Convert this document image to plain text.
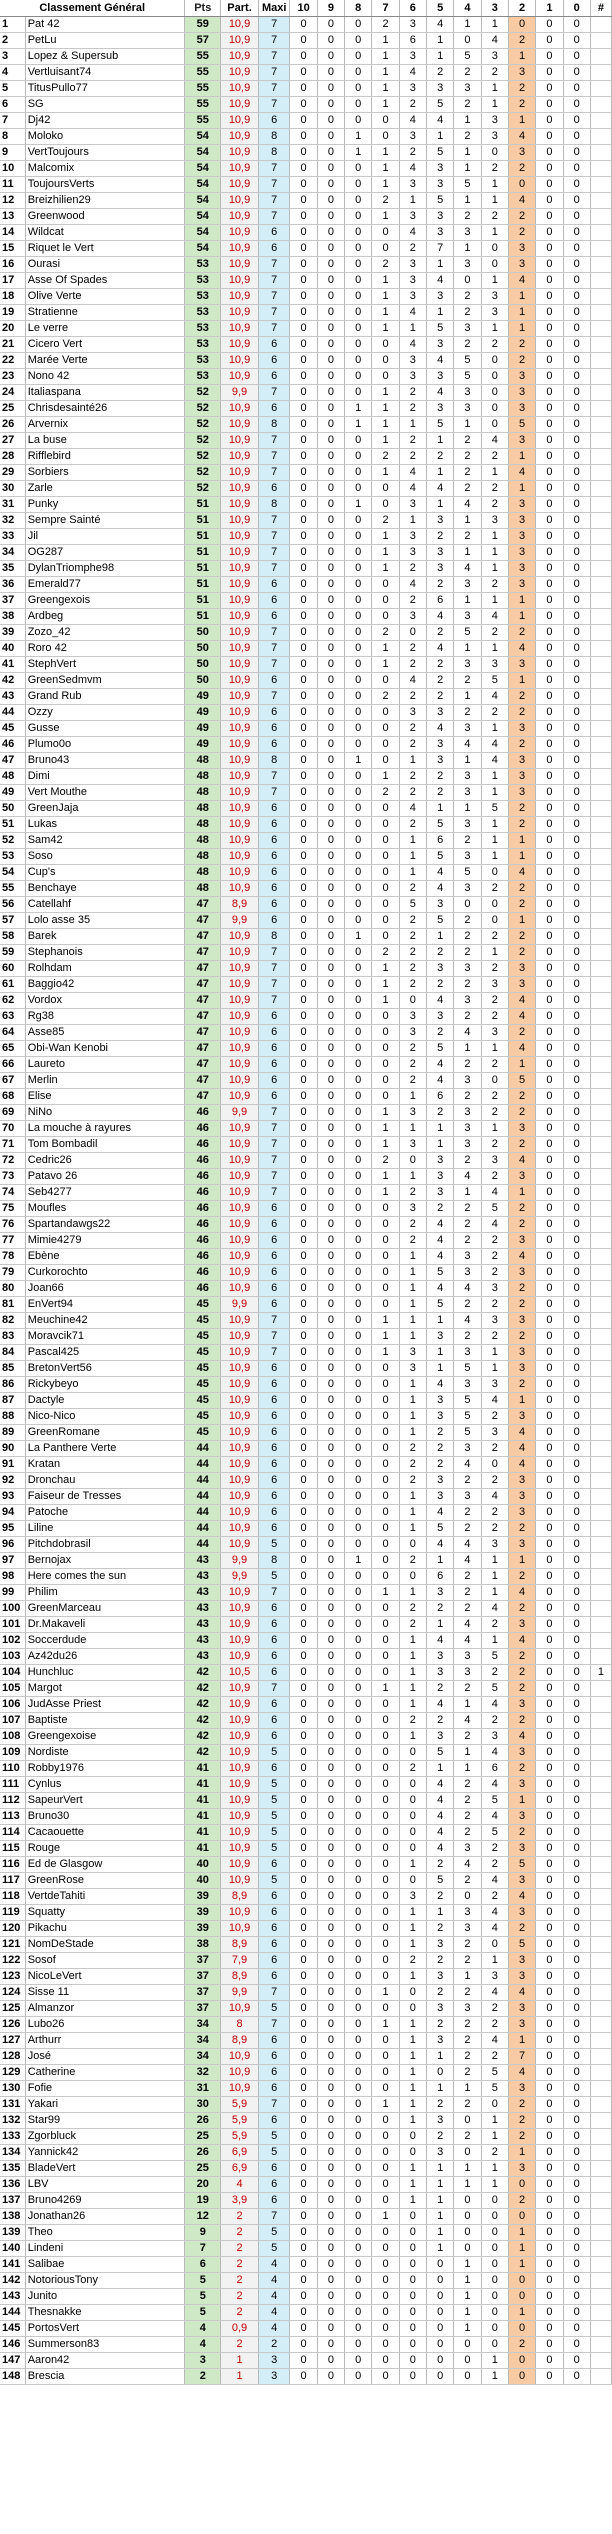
Classement Général		Pts	Part.	Maxi	10	9	8	7	6	5	4	3	2	1	0	#
1	Pat 42	59	10,9	7	0	0	0	2	3	4	1	1	0	0	0	
2	PetLu	57	10,9	7	0	0	0	1	6	1	0	4	2	0	0	
3	Lopez & Supersub	55	10,9	7	0	0	0	1	3	1	5	3	1	0	0	
4	Vertluisant74	55	10,9	7	0	0	0	1	4	2	2	2	3	0	0	
5	TitusPullo77	55	10,9	7	0	0	0	1	3	3	3	1	2	0	0	
6	SG	55	10,9	7	0	0	0	1	2	5	2	1	2	0	0	
7	Dj42	55	10,9	6	0	0	0	0	4	4	1	3	1	0	0	
8	Moloko	54	10,9	8	0	0	1	0	3	1	2	3	4	0	0	
9	VertToujours	54	10,9	8	0	0	1	1	2	5	1	0	3	0	0	
10	Malcomix	54	10,9	7	0	0	0	1	4	3	1	2	2	0	0	
11	ToujoursVerts	54	10,9	7	0	0	0	1	3	3	5	1	0	0	0	
12	Breizhilien29	54	10,9	7	0	0	0	2	1	5	1	1	4	0	0	
13	Greenwood	54	10,9	7	0	0	0	1	3	3	2	2	2	0	0	
14	Wildcat	54	10,9	6	0	0	0	0	4	3	3	1	2	0	0	
15	Riquet le Vert	54	10,9	6	0	0	0	0	2	7	1	0	3	0	0	
16	Ourasi	53	10,9	7	0	0	0	2	3	1	3	0	3	0	0	
17	Asse Of Spades	53	10,9	7	0	0	0	1	3	4	0	1	4	0	0	
18	Olive Verte	53	10,9	7	0	0	0	1	3	3	2	3	1	0	0	
19	Stratienne	53	10,9	7	0	0	0	1	4	1	2	3	1	0	0	
20	Le verre	53	10,9	7	0	0	0	1	1	5	3	1	1	0	0	
21	Cicero Vert	53	10,9	6	0	0	0	0	4	3	2	2	2	0	0	
22	Marée Verte	53	10,9	6	0	0	0	0	3	4	5	0	2	0	0	
23	Nono 42	53	10,9	6	0	0	0	0	3	3	5	0	3	0	0	
24	Italiaspana	52	9,9	7	0	0	0	1	2	4	3	0	3	0	0	
25	Chrisdesainté26	52	10,9	6	0	0	1	1	2	3	3	0	3	0	0	
26	Arvernix	52	10,9	8	0	0	1	1	1	5	1	0	5	0	0	
27	La buse	52	10,9	7	0	0	0	1	2	1	2	4	3	0	0	
28	Rifflebird	52	10,9	7	0	0	0	2	2	2	2	2	1	0	0	
29	Sorbiers	52	10,9	7	0	0	0	1	4	1	2	1	4	0	0	
30	Zarle	52	10,9	6	0	0	0	0	4	4	2	2	1	0	0	
31	Punky	51	10,9	8	0	0	1	0	3	1	4	2	3	0	0	
32	Sempre Sainté	51	10,9	7	0	0	0	2	1	3	1	3	3	0	0	
33	Jil	51	10,9	7	0	0	0	1	3	2	2	1	3	0	0	
34	OG287	51	10,9	7	0	0	0	1	3	3	1	1	3	0	0	
35	DylanTriomphe98	51	10,9	7	0	0	0	1	2	3	4	1	3	0	0	
36	Emerald77	51	10,9	6	0	0	0	0	4	2	3	2	3	0	0	
37	Greengexois	51	10,9	6	0	0	0	0	2	6	1	1	1	0	0	
38	Ardbeg	51	10,9	6	0	0	0	0	3	4	3	4	1	0	0	
39	Zozo_42	50	10,9	7	0	0	0	2	0	2	5	2	2	0	0	
40	Roro 42	50	10,9	7	0	0	0	1	2	4	1	1	4	0	0	
41	StephVert	50	10,9	7	0	0	0	1	2	2	3	3	3	0	0	
42	GreenSedmvm	50	10,9	6	0	0	0	0	4	2	2	5	1	0	0	
43	Grand Rub	49	10,9	7	0	0	0	2	2	2	1	4	2	0	0	
44	Ozzy	49	10,9	6	0	0	0	0	3	3	2	2	2	0	0	
45	Gusse	49	10,9	6	0	0	0	0	2	4	3	1	3	0	0	
46	Plumo0o	49	10,9	6	0	0	0	0	2	3	4	4	2	0	0	
47	Bruno43	48	10,9	8	0	0	1	0	1	3	1	4	3	0	0	
48	Dimi	48	10,9	7	0	0	0	1	2	2	3	1	3	0	0	
49	Vert Mouthe	48	10,9	7	0	0	0	2	2	2	3	1	3	0	0	
50	GreenJaja	48	10,9	6	0	0	0	0	4	1	1	5	2	0	0	
51	Lukas	48	10,9	6	0	0	0	0	2	5	3	1	2	0	0	
52	Sam42	48	10,9	6	0	0	0	0	1	6	2	1	1	0	0	
53	Soso	48	10,9	6	0	0	0	0	1	5	3	1	1	0	0	
54	Cup's	48	10,9	6	0	0	0	0	1	4	5	0	4	0	0	
55	Benchaye	48	10,9	6	0	0	0	0	2	4	3	2	2	0	0	
56	Catellahf	47	8,9	6	0	0	0	0	5	3	0	0	2	0	0	
57	Lolo asse 35	47	9,9	6	0	0	0	0	2	5	2	0	1	0	0	
58	Barek	47	10,9	8	0	0	1	0	2	1	2	2	2	0	0	
59	Stephanois	47	10,9	7	0	0	0	2	2	2	2	1	2	0	0	
60	Rolhdam	47	10,9	7	0	0	0	1	2	3	3	2	3	0	0	
61	Baggio42	47	10,9	7	0	0	0	1	2	2	2	3	3	0	0	
62	Vordox	47	10,9	7	0	0	0	1	0	4	3	2	4	0	0	
63	Rg38	47	10,9	6	0	0	0	0	3	3	2	2	4	0	0	
64	Asse85	47	10,9	6	0	0	0	0	3	2	4	3	2	0	0	
65	Obi-Wan Kenobi	47	10,9	6	0	0	0	0	2	5	1	1	4	0	0	
66	Laureto	47	10,9	6	0	0	0	0	2	4	2	2	1	0	0	
67	Merlin	47	10,9	6	0	0	0	0	2	4	3	0	5	0	0	
68	Elise	47	10,9	6	0	0	0	0	1	6	2	2	2	0	0	
69	NiNo	46	9,9	7	0	0	0	1	3	2	3	2	2	0	0	
70	La mouche à rayures	46	10,9	7	0	0	0	1	1	1	3	1	3	0	0	
71	Tom Bombadil	46	10,9	7	0	0	0	1	3	1	3	2	2	0	0	
72	Cedric26	46	10,9	7	0	0	0	2	0	3	2	3	4	0	0	
73	Patavo 26	46	10,9	7	0	0	0	1	1	3	4	2	3	0	0	
74	Seb4277	46	10,9	7	0	0	0	1	2	3	1	4	1	0	0	
75	Moufles	46	10,9	6	0	0	0	0	3	2	2	5	2	0	0	
76	Spartandawgs22	46	10,9	6	0	0	0	0	2	4	2	4	2	0	0	
77	Mimie4279	46	10,9	6	0	0	0	0	2	4	2	2	3	0	0	
78	Ebène	46	10,9	6	0	0	0	0	1	4	3	2	4	0	0	
79	Curkorochto	46	10,9	6	0	0	0	0	1	5	3	2	3	0	0	
80	Joan66	46	10,9	6	0	0	0	0	1	4	4	3	2	0	0	
81	EnVert94	45	9,9	6	0	0	0	0	1	5	2	2	2	0	0	
82	Meuchine42	45	10,9	7	0	0	0	1	1	1	4	3	3	0	0	
83	Moravcik71	45	10,9	7	0	0	0	1	1	3	2	2	2	0	0	
84	Pascal425	45	10,9	7	0	0	0	1	3	1	3	1	3	0	0	
85	BretonVert56	45	10,9	6	0	0	0	0	3	1	5	1	3	0	0	
86	Rickybeyo	45	10,9	6	0	0	0	0	1	4	3	3	2	0	0	
87	Dactyle	45	10,9	6	0	0	0	0	1	3	5	4	1	0	0	
88	Nico-Nico	45	10,9	6	0	0	0	0	1	3	5	2	3	0	0	
89	GreenRomane	45	10,9	6	0	0	0	0	1	2	5	3	4	0	0	
90	La Panthere Verte	44	10,9	6	0	0	0	0	2	2	3	2	4	0	0	
91	Kratan	44	10,9	6	0	0	0	0	2	2	4	0	4	0	0	
92	Dronchau	44	10,9	6	0	0	0	0	2	3	2	2	3	0	0	
93	Faiseur de Tresses	44	10,9	6	0	0	0	0	1	3	3	4	3	0	0	
94	Patoche	44	10,9	6	0	0	0	0	1	4	2	2	3	0	0	
95	Liline	44	10,9	6	0	0	0	0	1	5	2	2	2	0	0	
96	Pitchdobrasil	44	10,9	5	0	0	0	0	0	4	4	3	3	0	0	
97	Bernojax	43	9,9	8	0	0	1	0	2	1	4	1	1	0	0	
98	Here comes the sun	43	9,9	5	0	0	0	0	0	6	2	1	2	0	0	
99	Philim	43	10,9	7	0	0	0	1	1	3	2	1	4	0	0	
100	GreenMarceau	43	10,9	6	0	0	0	0	2	2	2	4	2	0	0	
101	Dr.Makaveli	43	10,9	6	0	0	0	0	2	1	4	2	3	0	0	
102	Soccerdude	43	10,9	6	0	0	0	0	1	4	4	1	4	0	0	
103	Az42du26	43	10,9	6	0	0	0	0	1	3	3	5	2	0	0	
104	Hunchluc	42	10,5	6	0	0	0	0	1	3	3	2	2	0	0	1
105	Margot	42	10,9	7	0	0	0	1	1	2	2	5	2	0	0	
106	JudAsse Priest	42	10,9	6	0	0	0	0	1	4	1	4	3	0	0	
107	Baptiste	42	10,9	6	0	0	0	0	2	2	4	2	2	0	0	
108	Greengexoise	42	10,9	6	0	0	0	0	1	3	2	3	4	0	0	
109	Nordiste	42	10,9	5	0	0	0	0	0	5	1	4	3	0	0	
110	Robby1976	41	10,9	6	0	0	0	0	2	1	1	6	2	0	0	
111	Cynlus	41	10,9	5	0	0	0	0	0	4	2	4	3	0	0	
112	SapeurVert	41	10,9	5	0	0	0	0	0	4	2	5	1	0	0	
113	Bruno30	41	10,9	5	0	0	0	0	0	4	2	4	3	0	0	
114	Cacaouette	41	10,9	5	0	0	0	0	0	4	2	5	2	0	0	
115	Rouge	41	10,9	5	0	0	0	0	0	4	3	2	3	0	0	
116	Ed de Glasgow	40	10,9	6	0	0	0	0	1	2	4	2	5	0	0	
117	GreenRose	40	10,9	5	0	0	0	0	0	5	2	4	3	0	0	
118	VertdeTahiti	39	8,9	6	0	0	0	0	3	2	0	2	4	0	0	
119	Squatty	39	10,9	6	0	0	0	0	1	1	3	4	3	0	0	
120	Pikachu	39	10,9	6	0	0	0	0	1	2	3	4	2	0	0	
121	NomDeStade	38	8,9	6	0	0	0	0	1	3	2	0	5	0	0	
122	Sosof	37	7,9	6	0	0	0	0	2	2	2	1	3	0	0	
123	NicoLeVert	37	8,9	6	0	0	0	0	1	3	1	3	3	0	0	
124	Sisse 11	37	9,9	7	0	0	0	1	0	2	2	4	4	0	0	
125	Almanzor	37	10,9	5	0	0	0	0	0	3	3	2	3	0	0	
126	Lubo26	34	8	7	0	0	0	1	1	2	2	2	3	0	0	
127	Arthurr	34	8,9	6	0	0	0	0	1	3	2	4	1	0	0	
128	José	34	10,9	6	0	0	0	0	1	1	2	2	7	0	0	
129	Catherine	32	10,9	6	0	0	0	0	1	0	2	5	4	0	0	
130	Fofie	31	10,9	6	0	0	0	0	1	1	1	5	3	0	0	
131	Yakari	30	5,9	7	0	0	0	1	1	2	2	0	2	0	0	
132	Star99	26	5,9	6	0	0	0	0	1	3	0	1	2	0	0	
133	Zgorbluck	25	5,9	5	0	0	0	0	0	2	2	1	2	0	0	
134	Yannick42	26	6,9	5	0	0	0	0	0	3	0	2	1	0	0	
135	BladeVert	25	6,9	6	0	0	0	0	1	1	1	1	3	0	0	
136	LBV	20	4	6	0	0	0	0	1	1	1	1	0	0	0	
137	Bruno4269	19	3,9	6	0	0	0	0	1	1	0	0	2	0	0	
138	Jonathan26	12	2	7	0	0	0	1	0	1	0	0	0	0	0	
139	Theo	9	2	5	0	0	0	0	0	1	0	0	1	0	0	
140	Lindeni	7	2	5	0	0	0	0	0	1	0	0	1	0	0	
141	Salibae	6	2	4	0	0	0	0	0	0	1	0	1	0	0	
142	NotoriousTony	5	2	4	0	0	0	0	0	0	1	0	0	0	0	
143	Junito	5	2	4	0	0	0	0	0	0	1	0	0	0	0	
144	Thesnakke	5	2	4	0	0	0	0	0	0	1	0	1	0	0	
145	PortosVert	4	0,9	4	0	0	0	0	0	0	1	0	0	0	0	
146	Summerson83	4	2	2	0	0	0	0	0	0	0	0	2	0	0	
147	Aaron42	3	1	3	0	0	0	0	0	0	0	1	0	0	0	
148	Brescia	2	1	3	0	0	0	0	0	0	0	1	0	0	0	
